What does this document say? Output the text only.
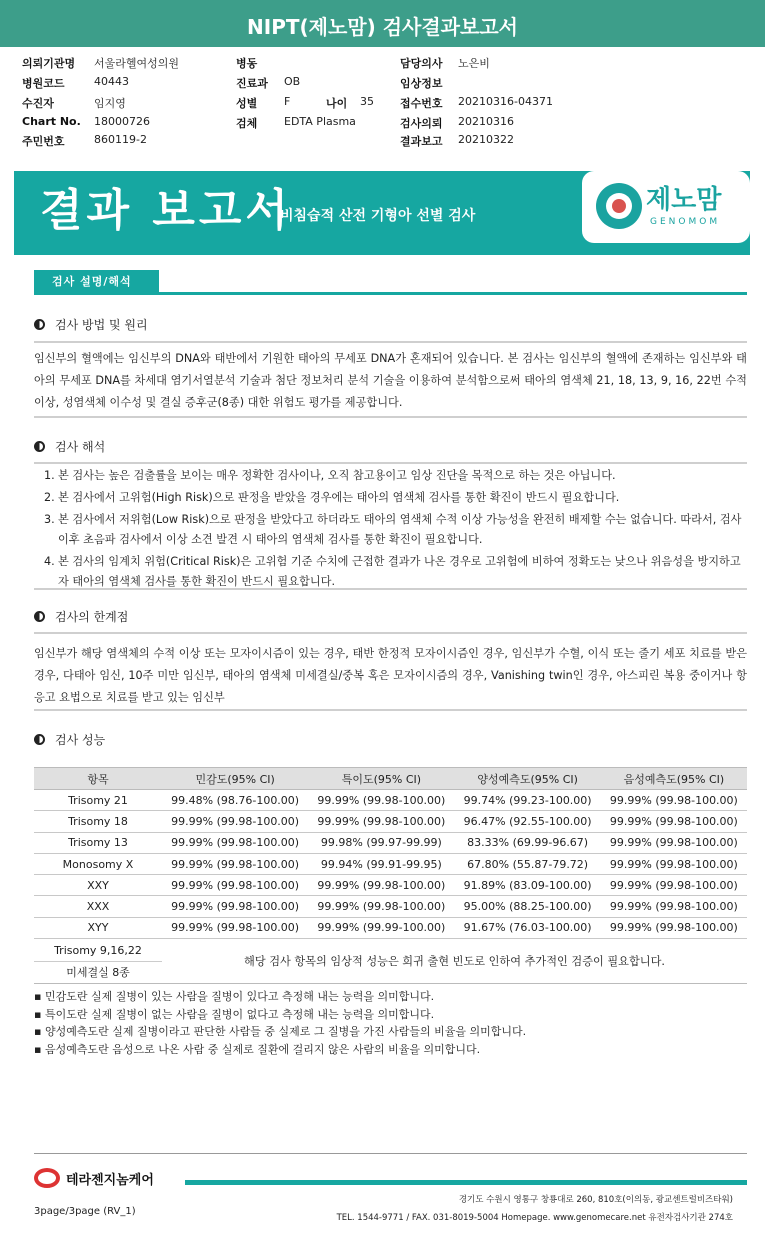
NIPT(제노맘) 검사결과보고서
의뢰기관명 서울라헬여성의원	병동	담당의사 노은비
병원코드	40443	진료과 OB	임상정보
수진자	임지영	성별 F	나이 35 접수번호 20210316-04371
Chart No. 18000726	검체 EDTA Plasma	검사의뢰 20210316
주민번호	860119-2	결과보고 20210322
결과 보고서
비침습적 산전 기형아 선별 검사
제노맘
GENOMOM
검사 설명/해석
검사 방법 및 원리
임신부의 혈액에는 임신부의 DNA와 태반에서 기원한 태아의 무세포 DNA가 혼재되어 있습니다. 본 검사는 임신부의 혈액에 존재하는 임신부와 태아의 무세포 DNA를 차세대 염기서열분석 기술과 첨단 정보처리 분석 기술을 이용하여 분석함으로써 태아의 염색체 21, 18, 13, 9, 16, 22번 수적 이상, 성염색체 이수성 및 결실 증후군(8종) 대한 위험도 평가를 제공합니다.
검사 해석
1. 본 검사는 높은 검출률을 보이는 매우 정확한 검사이나, 오직 참고용이고 임상 진단을 목적으로 하는 것은 아닙니다.
2. 본 검사에서 고위험(High Risk)으로 판정을 받았을 경우에는 태아의 염색체 검사를 통한 확진이 반드시 필요합니다.
3. 본 검사에서 저위험(Low Risk)으로 판정을 받았다고 하더라도 태아의 염색체 수적 이상 가능성을 완전히 배제할 수는 없습니다. 따라서, 검사 이후 초음파 검사에서 이상 소견 발견 시 태아의 염색체 검사를 통한 확진이 필요합니다.
4. 본 검사의 임계치 위험(Critical Risk)은 고위험 기준 수치에 근접한 결과가 나온 경우로 고위험에 비하여 정확도는 낮으나 위음성을 방지하고자 태아의 염색체 검사를 통한 확진이 반드시 필요합니다.
검사의 한계점
임신부가 해당 염색체의 수적 이상 또는 모자이시즘이 있는 경우, 태반 한정적 모자이시즘인 경우, 임신부가 수혈, 이식 또는 줄기 세포 치료를 받은 경우, 다태아 임신, 10주 미만 임신부, 태아의 염색체 미세결실/중복 혹은 모자이시즘의 경우, Vanishing twin인 경우, 아스피린 복용 중이거나 항 응고 요법으로 치료를 받고 있는 임신부
검사 성능
항목	민감도(95% CI)	특이도(95% CI)	양성예측도(95% CI)	음성예측도(95% CI)
Trisomy 21	99.48% (98.76-100.00)	99.99% (99.98-100.00)	99.74% (99.23-100.00)	99.99% (99.98-100.00)
Trisomy 18	99.99% (99.98-100.00)	99.99% (99.98-100.00)	96.47% (92.55-100.00)	99.99% (99.98-100.00)
Trisomy 13	99.99% (99.98-100.00)	99.98% (99.97-99.99)	83.33% (69.99-96.67)	99.99% (99.98-100.00)
Monosomy X	99.99% (99.98-100.00)	99.94% (99.91-99.95)	67.80% (55.87-79.72)	99.99% (99.98-100.00)
XXY	99.99% (99.98-100.00)	99.99% (99.98-100.00)	91.89% (83.09-100.00)	99.99% (99.98-100.00)
XXX	99.99% (99.98-100.00)	99.99% (99.98-100.00)	95.00% (88.25-100.00)	99.99% (99.98-100.00)
XYY	99.99% (99.98-100.00)	99.99% (99.99-100.00)	91.67% (76.03-100.00)	99.99% (99.98-100.00)
Trisomy 9,16,22
미세결실 8종
해당 검사 항목의 임상적 성능은 희귀 출현 빈도로 인하여 추가적인 검증이 필요합니다.
▪ 민감도란 실제 질병이 있는 사람을 질병이 있다고 측정해 내는 능력을 의미합니다.
▪ 특이도란 실제 질병이 없는 사람을 질병이 없다고 측정해 내는 능력을 의미합니다.
▪ 양성예측도란 실제 질병이라고 판단한 사람들 중 실제로 그 질병을 가진 사람들의 비율을 의미합니다.
▪ 음성예측도란 음성으로 나온 사람 중 실제로 질환에 걸리지 않은 사람의 비율을 의미합니다.
테라젠지놈케어
경기도 수원시 영통구 창룡대로 260, 810호(이의동, 광교센트럴비즈타워)
TEL. 1544-9771 / FAX. 031-8019-5004 Homepage. www.genomecare.net 유전자검사기관 274호
3page/3page (RV_1)
